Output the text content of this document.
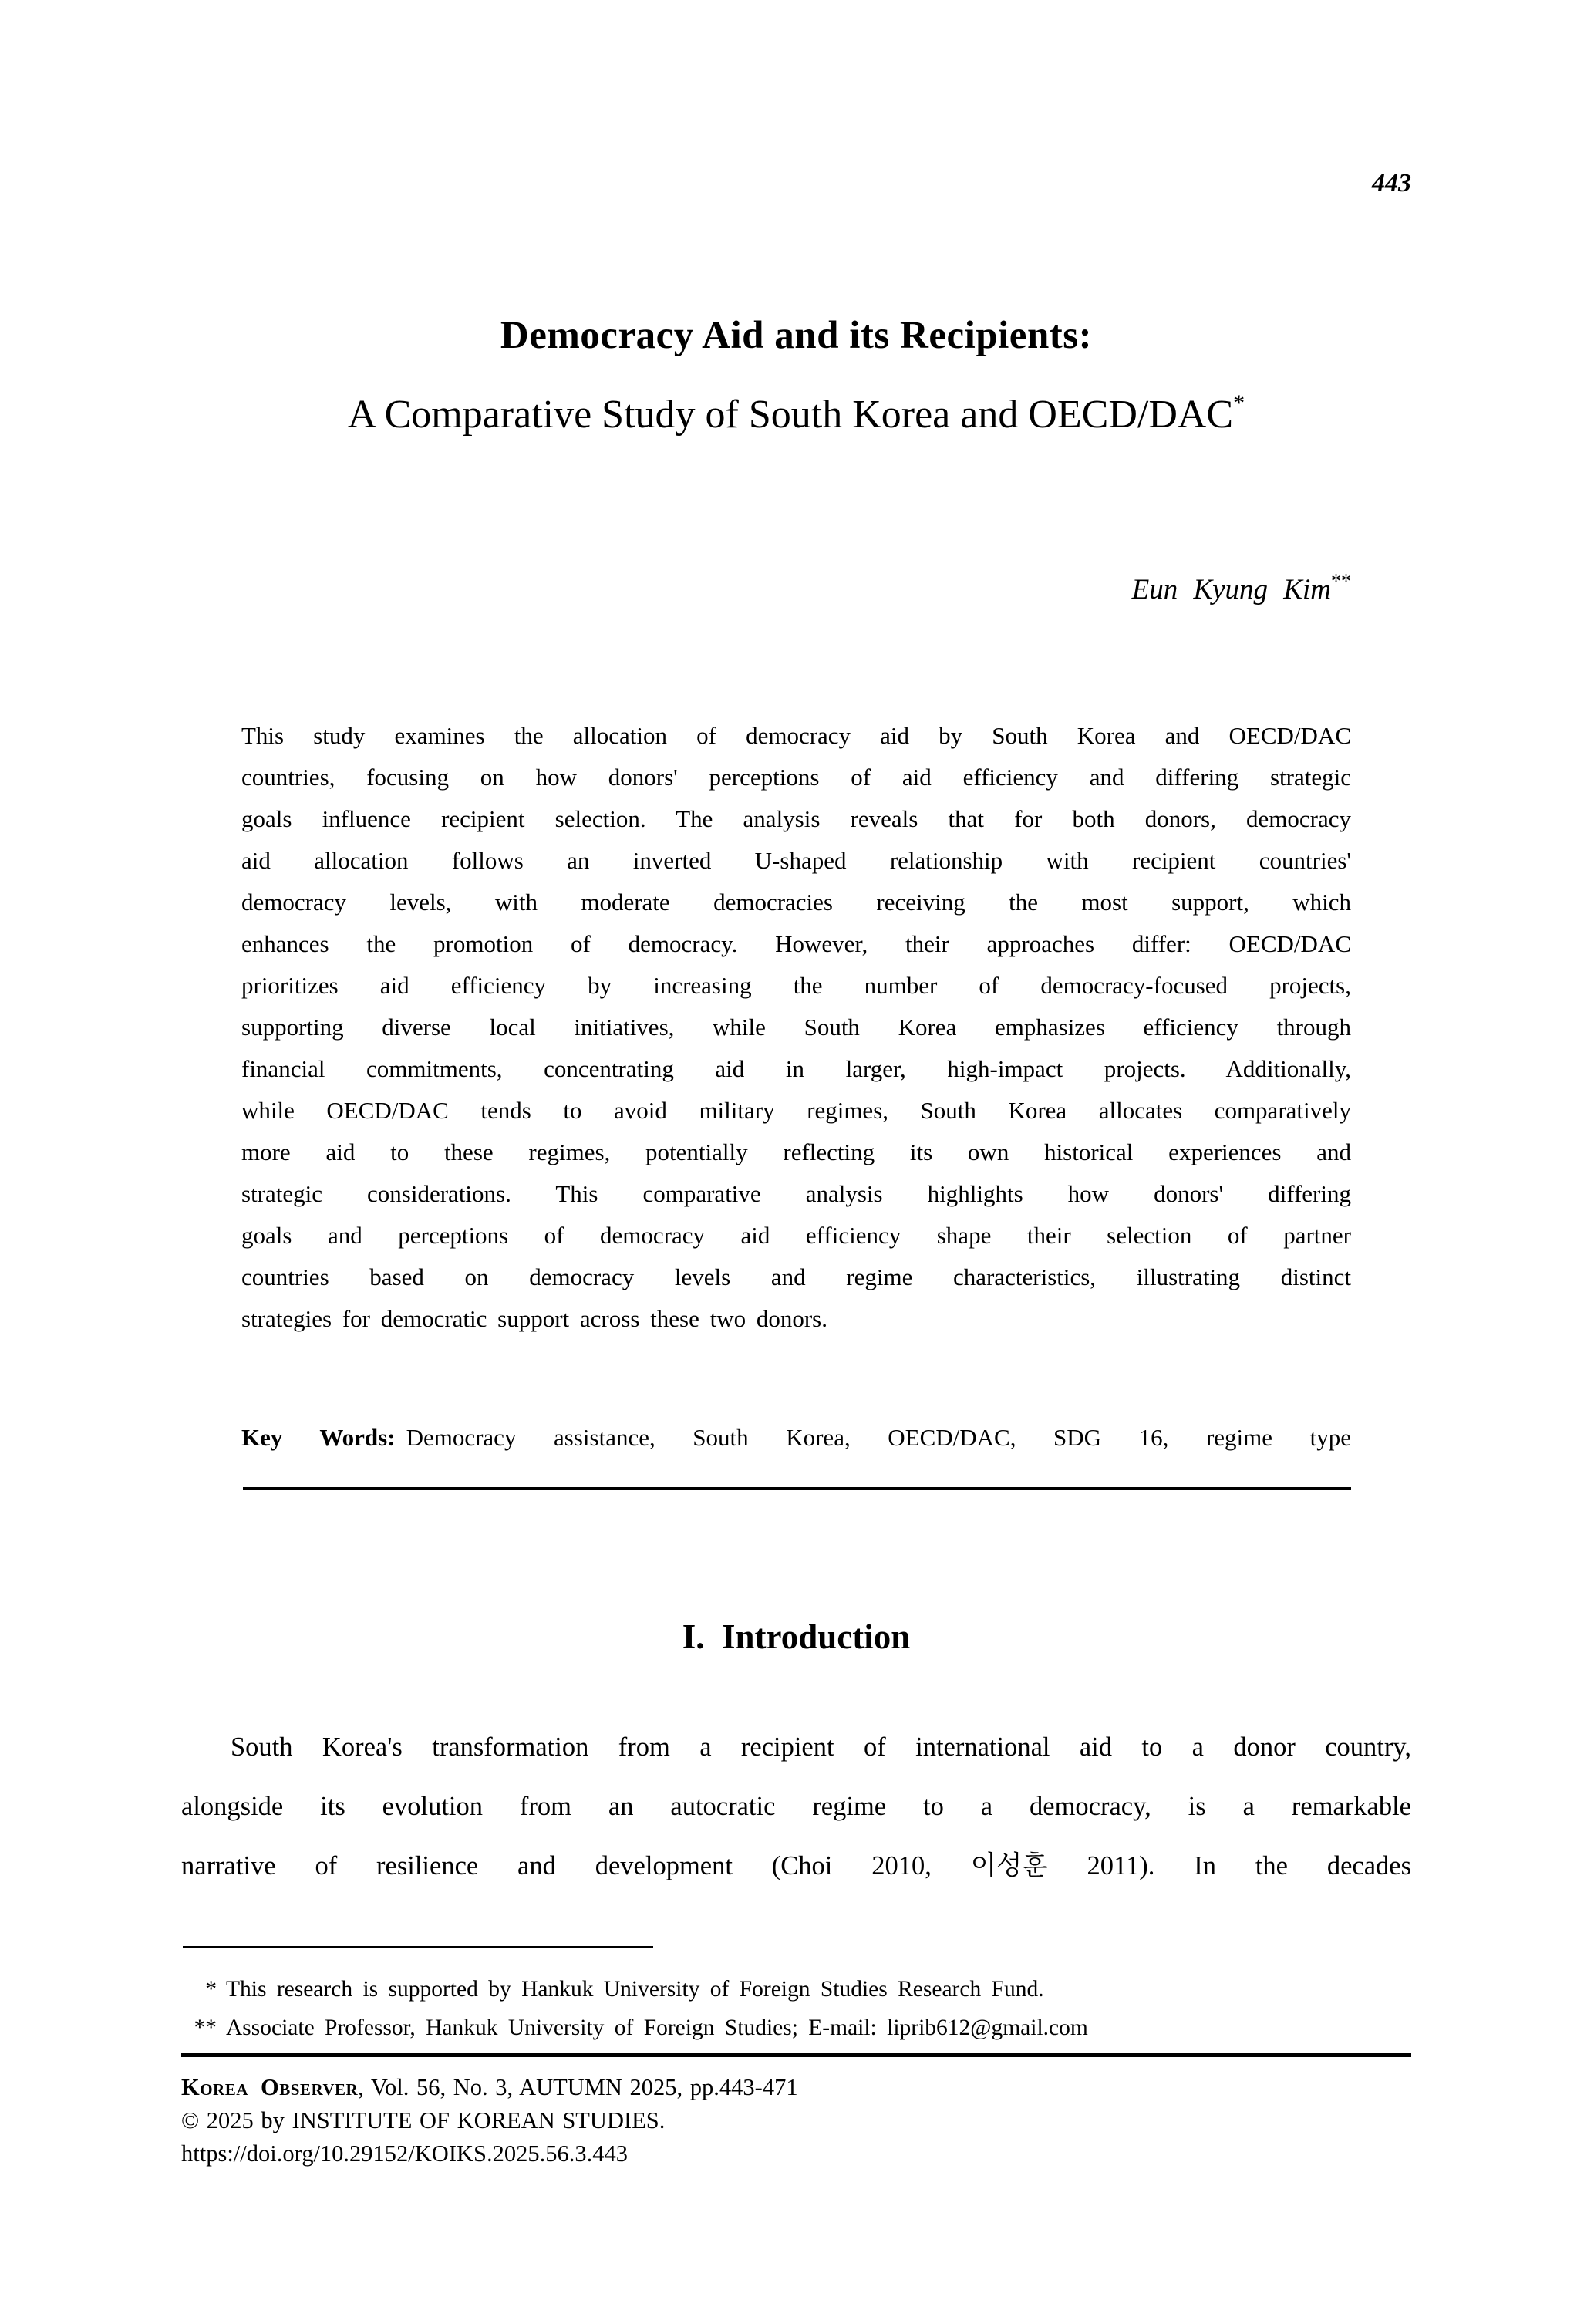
443
Democracy Aid and its Recipients:
A Comparative Study of South Korea and OECD/DAC*
Eun Kyung Kim**
This study examines the allocation of democracy aid by South Korea and OECD/DAC
countries, focusing on how donors' perceptions of aid efficiency and differing strategic
goals influence recipient selection. The analysis reveals that for both donors, democracy
aid allocation follows an inverted U-shaped relationship with recipient countries'
democracy levels, with moderate democracies receiving the most support, which
enhances the promotion of democracy. However, their approaches differ: OECD/DAC
prioritizes aid efficiency by increasing the number of democracy-focused projects,
supporting diverse local initiatives, while South Korea emphasizes efficiency through
financial commitments, concentrating aid in larger, high-impact projects. Additionally,
while OECD/DAC tends to avoid military regimes, South Korea allocates comparatively
more aid to these regimes, potentially reflecting its own historical experiences and
strategic considerations. This comparative analysis highlights how donors' differing
goals and perceptions of democracy aid efficiency shape their selection of partner
countries based on democracy levels and regime characteristics, illustrating distinct
strategies for democratic support across these two donors.

Key Words: Democracy assistance, South Korea, OECD/DAC, SDG 16, regime type

I.  Introduction
South Korea's transformation from a recipient of international aid to a donor country,
alongside its evolution from an autocratic regime to a democracy, is a remarkable
narrative of resilience and development (Choi 2010, 이성훈 2011). In the decades
* This research is supported by Hankuk University of Foreign Studies Research Fund.
** Associate Professor, Hankuk University of Foreign Studies; E-mail: liprib612@gmail.com
Korea Observer, Vol. 56, No. 3, AUTUMN 2025, pp.443-471
© 2025 by INSTITUTE OF KOREAN STUDIES.
https://doi.org/10.29152/KOIKS.2025.56.3.443
